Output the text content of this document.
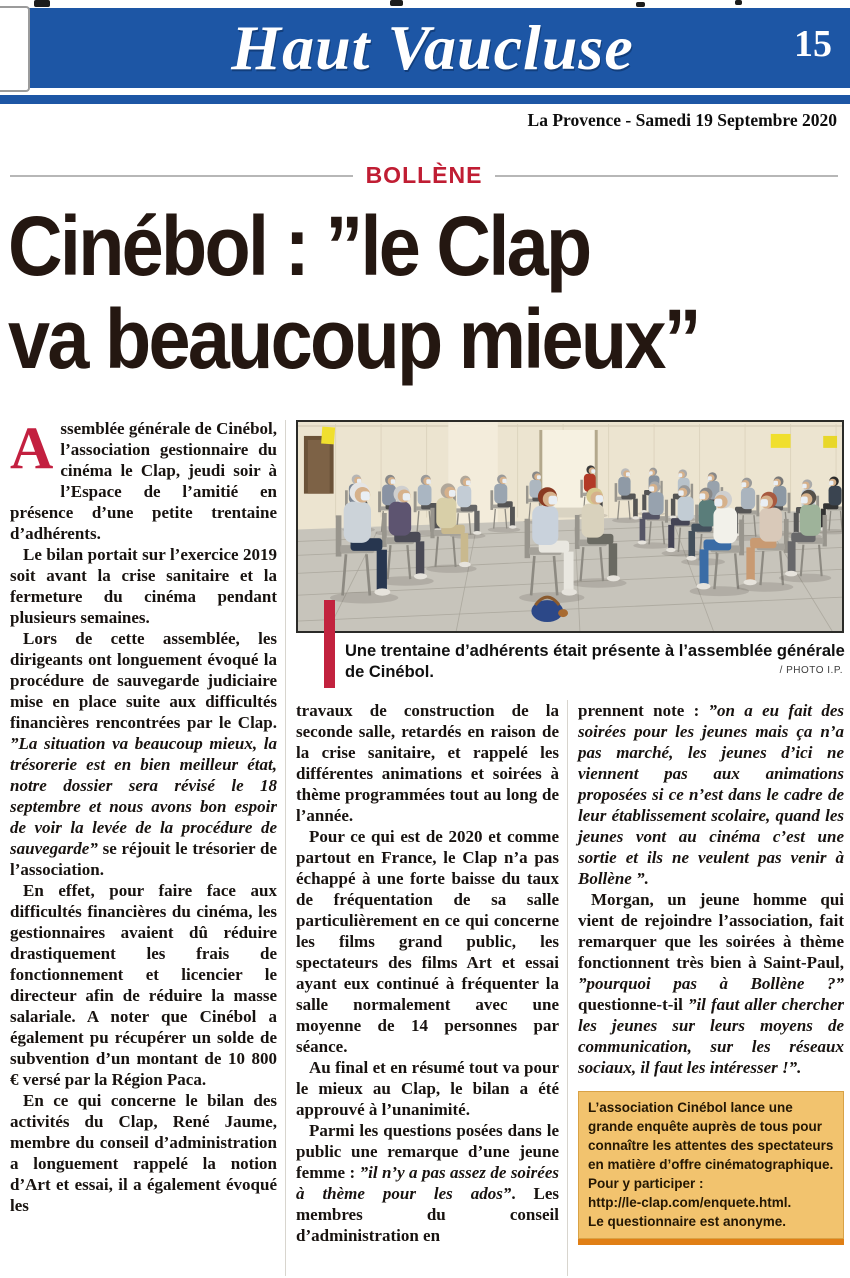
Haut Vaucluse	15
La Provence - Samedi 19 Septembre 2020
BOLLÈNE
Cinébol : ”le Clap
va beaucoup mieux”

Assemblée générale de Cinébol, l’association gestionnaire du cinéma le Clap, jeudi soir à l’Espace de l’amitié en présence d’une petite trentaine d’adhérents.

Le bilan portait sur l’exercice 2019 soit avant la crise sanitaire et la fermeture du cinéma pendant plusieurs semaines.

Lors de cette assemblée, les dirigeants ont longuement évoqué la procédure de sauvegarde judiciaire mise en place suite aux difficultés financières rencontrées par le Clap. ”La situation va beaucoup mieux, la trésorerie est en bien meilleur état, notre dossier sera révisé le 18 septembre et nous avons bon espoir de voir la levée de la procédure de sauvegarde” se réjouit le trésorier de l’association.

En effet, pour faire face aux difficultés financières du cinéma, les gestionnaires avaient dû réduire drastiquement les frais de fonctionnement et licencier le directeur afin de réduire la masse salariale. A noter que Cinébol a également pu récupérer un solde de subvention d’un montant de 10 800 € versé par la Région Paca.

En ce qui concerne le bilan des activités du Clap, René Jaume, membre du conseil d’administration a longuement rappelé la notion d’Art et essai, il a également évoqué les

Une trentaine d’adhérents était présente à l’assemblée générale de Cinébol.	/ PHOTO I.P.

travaux de construction de la seconde salle, retardés en raison de la crise sanitaire, et rappelé les différentes animations et soirées à thème programmées tout au long de l’année.

Pour ce qui est de 2020 et comme partout en France, le Clap n’a pas échappé à une forte baisse du taux de fréquentation de sa salle particulièrement en ce qui concerne les films grand public, les spectateurs des films Art et essai ayant eux continué à fréquenter la salle normalement avec une moyenne de 14 personnes par séance.

Au final et en résumé tout va pour le mieux au Clap, le bilan a été approuvé à l’unanimité.

Parmi les questions posées dans le public une remarque d’une jeune femme : ”il n’y a pas assez de soirées à thème pour les ados”. Les membres du conseil d’administration en

prennent note : ”on a eu fait des soirées pour les jeunes mais ça n’a pas marché, les jeunes d’ici ne viennent pas aux animations proposées si ce n’est dans le cadre de leur établissement scolaire, quand les jeunes vont au cinéma c’est une sortie et ils ne veulent pas venir à Bollène ”.

Morgan, un jeune homme qui vient de rejoindre l’association, fait remarquer que les soirées à thème fonctionnent très bien à Saint-Paul, ”pourquoi pas à Bollène ?” questionne-t-il ”il faut aller chercher les jeunes sur leurs moyens de communication, sur les réseaux sociaux, il faut les intéresser !”.

L’association Cinébol lance une grande enquête auprès de tous pour connaître les attentes des spectateurs en matière d’offre cinématographique.

Pour y participer :

http://le-clap.com/enquete.html.

Le questionnaire est anonyme.
